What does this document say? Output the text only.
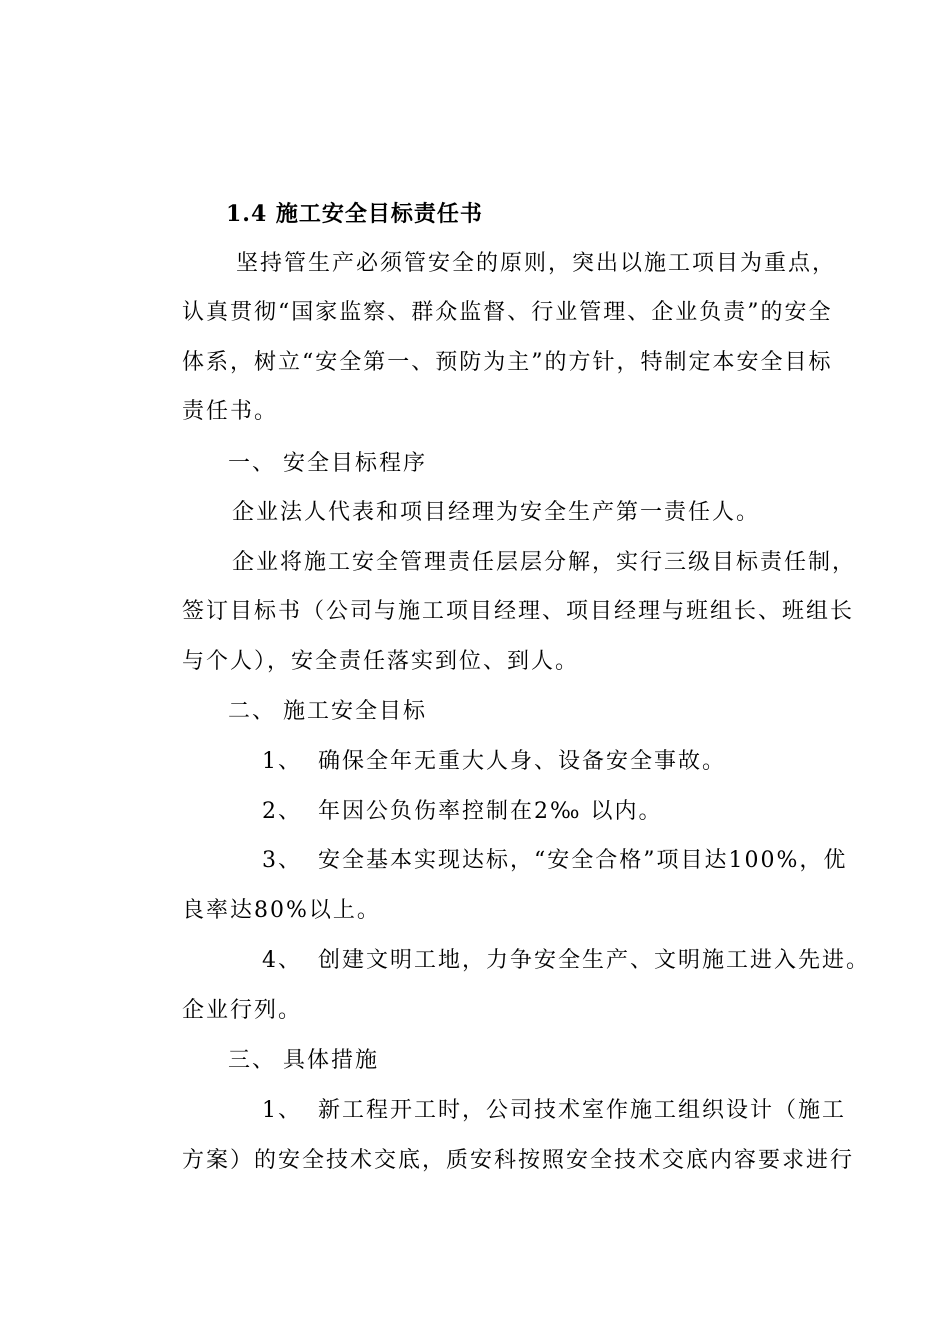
1.4 施工安全目标责任书
坚持管生产必须管安全的原则，突出以施工项目为重点，
认真贯彻“国家监察、群众监督、行业管理、企业负责”的安全
体系，树立“安全第一、预防为主”的方针，特制定本安全目标
责任书。
一、 安全目标程序
企业法人代表和项目经理为安全生产第一责任人。
企业将施工安全管理责任层层分解，实行三级目标责任制，
签订目标书（公司与施工项目经理、项目经理与班组长、班组长
与个人），安全责任落实到位、到人。
二、 施工安全目标
1、 确保全年无重大人身、设备安全事故。
2、 年因公负伤率控制在2‰ 以内。
3、 安全基本实现达标，“安全合格”项目达100%，优
良率达80%以上。
4、 创建文明工地，力争安全生产、文明施工进入先进。
企业行列。
三、 具体措施
1、 新工程开工时，公司技术室作施工组织设计（施工
方案）的安全技术交底，质安科按照安全技术交底内容要求进行
